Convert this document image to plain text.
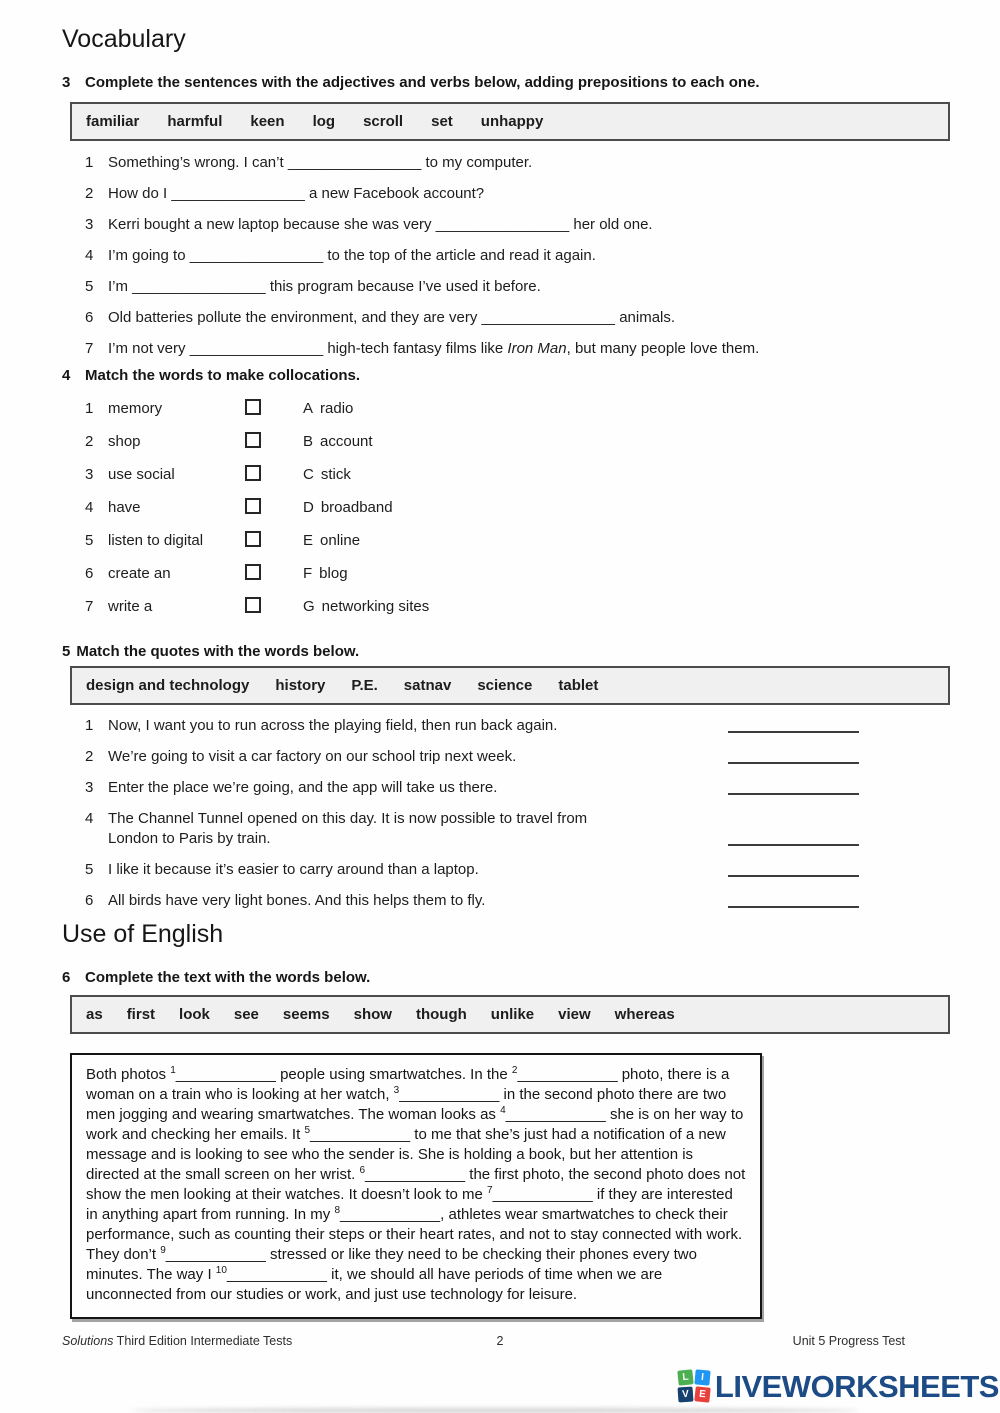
Vocabulary
3 Complete the sentences with the adjectives and verbs below, adding prepositions to each one.
familiar harmful keen log scroll set unhappy
1 Something’s wrong. I can’t ________________ to my computer.
2 How do I ________________ a new Facebook account?
3 Kerri bought a new laptop because she was very ________________ her old one.
4 I’m going to ________________ to the top of the article and read it again.
5 I’m ________________ this program because I’ve used it before.
6 Old batteries pollute the environment, and they are very ________________ animals.
7 I’m not very ________________ high-tech fantasy films like Iron Man, but many people love them.
4 Match the words to make collocations.
1 memory	A radio
2 shop	B account
3 use social	C stick
4 have	D broadband
5 listen to digital	E online
6 create an	F blog
7 write a	G networking sites
5 Match the quotes with the words below.
design and technology history P.E. satnav science tablet
1 Now, I want you to run across the playing field, then run back again.
2 We’re going to visit a car factory on our school trip next week.
3 Enter the place we’re going, and the app will take us there.
4 The Channel Tunnel opened on this day. It is now possible to travel from
London to Paris by train.
5 I like it because it’s easier to carry around than a laptop.
6 All birds have very light bones. And this helps them to fly.
Use of English
6 Complete the text with the words below.
as first look see seems show though unlike view whereas
Both photos $^1$____________ people using smartwatches. In the $^2$____________ photo, there is a woman on a train who is looking at her watch, $^3$____________ in the second photo there are two men jogging and wearing smartwatches. The woman looks as $^4$____________ she is on her way to work and checking her emails. It $^5$____________ to me that she’s just had a notification of a new message and is looking to see who the sender is. She is holding a book, but her attention is directed at the small screen on her wrist. $^6$____________ the first photo, the second photo does not show the men looking at their watches. It doesn’t look to me $^7$____________ if they are interested in anything apart from running. In my $^8$____________, athletes wear smartwatches to check their performance, such as counting their steps or their heart rates, and not to stay connected with work. They don’t $^9$____________ stressed or like they need to be checking their phones every two minutes. The way I $^{10}$____________ it, we should all have periods of time when we are unconnected from our studies or work, and just use technology for leisure.
Solutions Third Edition Intermediate Tests	2	Unit 5 Progress Test
L	I
V E LIVEWORKSHEETS
